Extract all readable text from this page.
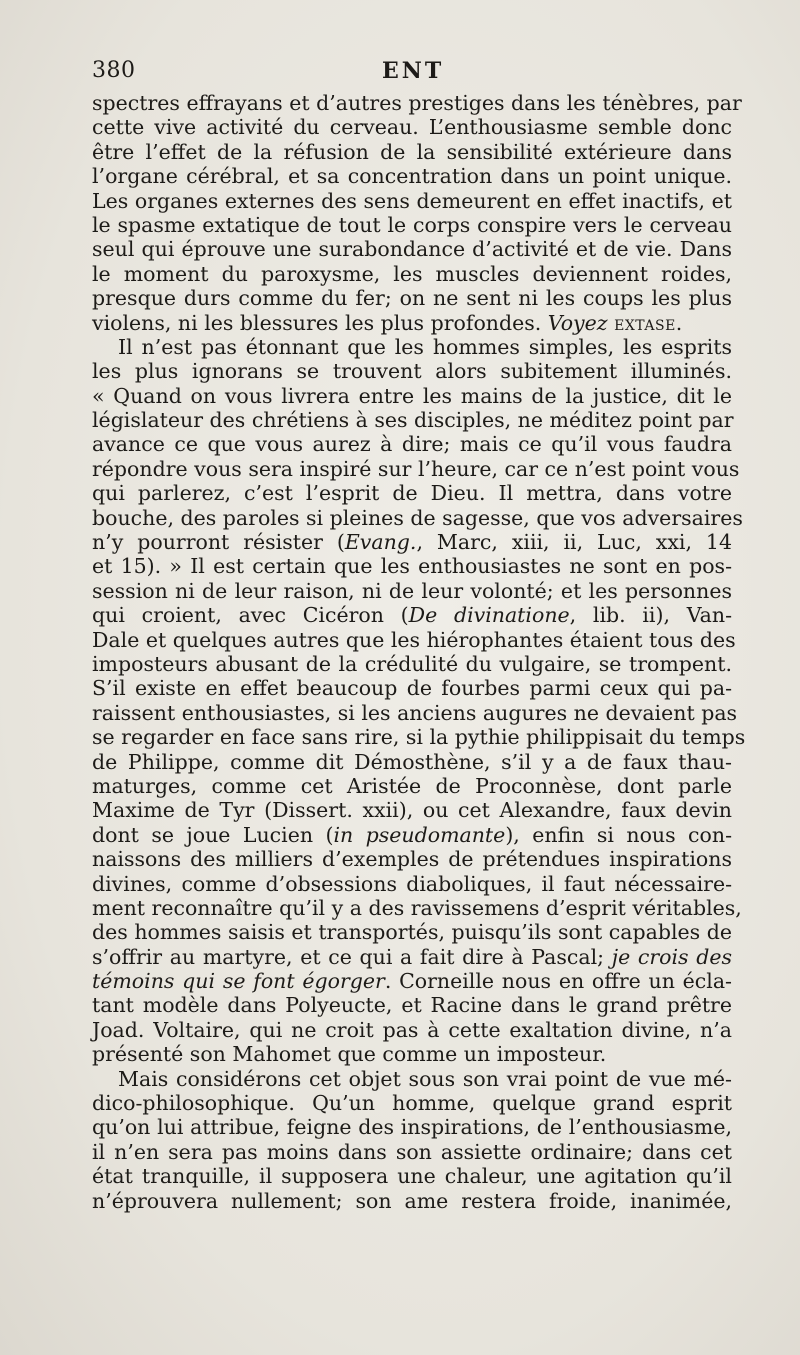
380	ENT
spectres effrayans et d’autres prestiges dans les ténèbres, par
cette vive activité du cerveau. L’enthousiasme semble donc
être l’effet de la réfusion de la sensibilité extérieure dans
l’organe cérébral, et sa concentration dans un point unique.
Les organes externes des sens demeurent en effet inactifs, et
le spasme extatique de tout le corps conspire vers le cerveau
seul qui éprouve une surabondance d’activité et de vie. Dans
le moment du paroxysme, les muscles deviennent roides,
presque durs comme du fer; on ne sent ni les coups les plus
violens, ni les blessures les plus profondes. Voyez extase.
Il n’est pas étonnant que les hommes simples, les esprits
les plus ignorans se trouvent alors subitement illuminés.
« Quand on vous livrera entre les mains de la justice, dit le
législateur des chrétiens à ses disciples, ne méditez point par
avance ce que vous aurez à dire; mais ce qu’il vous faudra
répondre vous sera inspiré sur l’heure, car ce n’est point vous
qui parlerez, c’est l’esprit de Dieu. Il mettra, dans votre
bouche, des paroles si pleines de sagesse, que vos adversaires
n’y pourront résister (Evang., Marc, xiii, ii, Luc, xxi, 14
et 15). » Il est certain que les enthousiastes ne sont en pos-
session ni de leur raison, ni de leur volonté; et les personnes
qui croient, avec Cicéron (De divinatione, lib. ii), Van-
Dale et quelques autres que les hiérophantes étaient tous des
imposteurs abusant de la crédulité du vulgaire, se trompent.
S’il existe en effet beaucoup de fourbes parmi ceux qui pa-
raissent enthousiastes, si les anciens augures ne devaient pas
se regarder en face sans rire, si la pythie philippisait du temps
de Philippe, comme dit Démosthène, s’il y a de faux thau-
maturges, comme cet Aristée de Proconnèse, dont parle
Maxime de Tyr (Dissert. xxii), ou cet Alexandre, faux devin
dont se joue Lucien (in pseudomante), enfin si nous con-
naissons des milliers d’exemples de prétendues inspirations
divines, comme d’obsessions diaboliques, il faut nécessaire-
ment reconnaître qu’il y a des ravissemens d’esprit véritables,
des hommes saisis et transportés, puisqu’ils sont capables de
s’offrir au martyre, et ce qui a fait dire à Pascal; je crois des
témoins qui se font égorger. Corneille nous en offre un écla-
tant modèle dans Polyeucte, et Racine dans le grand prêtre
Joad. Voltaire, qui ne croit pas à cette exaltation divine, n’a
présenté son Mahomet que comme un imposteur.
Mais considérons cet objet sous son vrai point de vue mé-
dico-philosophique. Qu’un homme, quelque grand esprit
qu’on lui attribue, feigne des inspirations, de l’enthousiasme,
il n’en sera pas moins dans son assiette ordinaire; dans cet
état tranquille, il supposera une chaleur, une agitation qu’il
n’éprouvera nullement; son ame restera froide, inanimée,
